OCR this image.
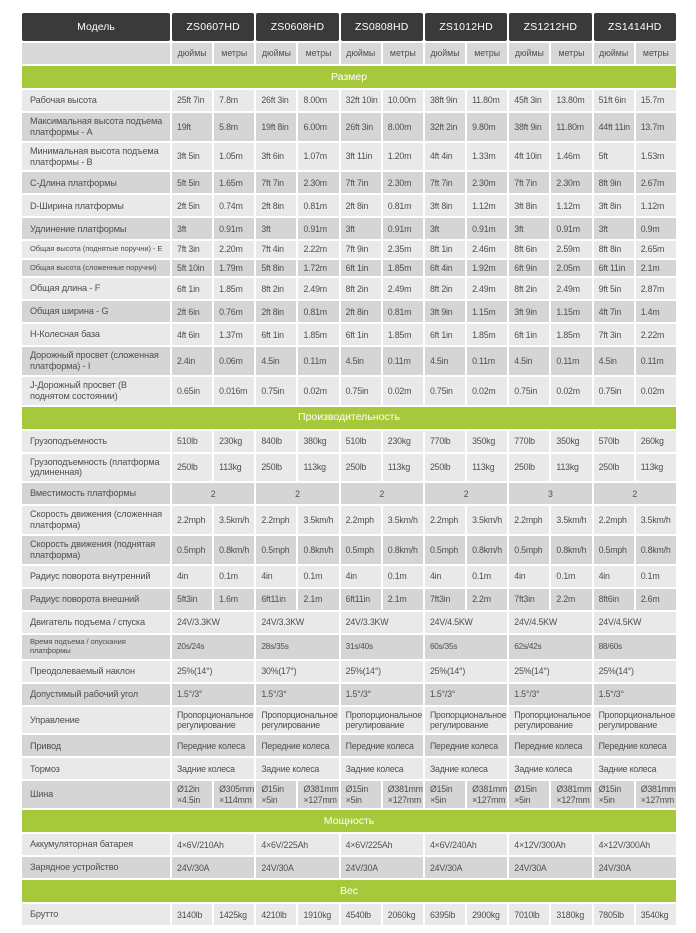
Модель	ZS0607HD		ZS0608HD		ZS0808HD		ZS1012HD		ZS1212HD		ZS1414HD	
	дюймы	метры	дюймы	метры	дюймы	метры	дюймы	метры	дюймы	метры	дюймы	метры
Размер												
Рабочая высота	25ft 7in	7.8m	26ft 3in	8.00m	32ft 10in	10.00m	38ft 9in	11.80m	45ft 3in	13.80m	51ft 6in	15.7m
Максимальная высота подъема платформы - A	19ft	5.8m	19ft 8in	6.00m	26ft 3in	8.00m	32ft 2in	9.80m	38ft 9in	11.80m	44ft 11in	13.7m
Минимальная высота подъема платформы - B	3ft 5in	1.05m	3ft 6in	1.07m	3ft 11in	1.20m	4ft 4in	1.33m	4ft 10in	1.46m	5ft	1.53m
C-Длина платформы	5ft 5in	1.65m	7ft 7in	2.30m	7ft 7in	2.30m	7ft 7in	2.30m	7ft 7in	2.30m	8ft 9in	2.67m
D-Ширина платформы	2ft 5in	0.74m	2ft 8in	0.81m	2ft 8in	0.81m	3ft 8in	1.12m	3ft 8in	1.12m	3ft 8in	1.12m
Удлинение платформы	3ft	0.91m	3ft	0.91m	3ft	0.91m	3ft	0.91m	3ft	0.91m	3ft	0.9m
Общая высота (поднятые поручни) - E	7ft 3in	2.20m	7ft 4in	2.22m	7ft 9in	2.35m	8ft 1in	2.46m	8ft 6in	2.59m	8ft 8in	2.65m
Общая высота (сложенные поручни)	5ft 10in	1.79m	5ft 8in	1.72m	6ft 1in	1.85m	6ft 4in	1.92m	6ft 9in	2.05m	6ft 11in	2.1m
Общая длина - F	6ft 1in	1.85m	8ft 2in	2.49m	8ft 2in	2.49m	8ft 2in	2.49m	8ft 2in	2.49m	9ft 5in	2.87m
Общая ширина - G	2ft 6in	0.76m	2ft 8in	0.81m	2ft 8in	0.81m	3ft 9in	1.15m	3ft 9in	1.15m	4ft 7in	1.4m
H-Колесная база	4ft 6in	1.37m	6ft 1in	1.85m	6ft 1in	1.85m	6ft 1in	1.85m	6ft 1in	1.85m	7ft 3in	2.22m
Дорожный просвет (сложенная платформа) - I	2.4in	0.06m	4.5in	0.11m	4.5in	0.11m	4.5in	0.11m	4.5in	0.11m	4.5in	0.11m
J-Дорожный просвет (В поднятом состоянии)	0.65in	0.016m	0.75in	0.02m	0.75in	0.02m	0.75in	0.02m	0.75in	0.02m	0.75in	0.02m
Производительность												
Грузоподъемность	510lb	230kg	840lb	380kg	510lb	230kg	770lb	350kg	770lb	350kg	570lb	260kg
Грузоподъемность (платформа удлиненная)	250lb	113kg	250lb	113kg	250lb	113kg	250lb	113kg	250lb	113kg	250lb	113kg
Вместимость платформы	2		2		2		2		3		2	
Скорость движения (сложенная платформа)	2.2mph	3.5km/h	2.2mph	3.5km/h	2.2mph	3.5km/h	2.2mph	3.5km/h	2.2mph	3.5km/h	2.2mph	3.5km/h
Скорость движения (поднятая платформа)	0.5mph	0.8km/h	0.5mph	0.8km/h	0.5mph	0.8km/h	0.5mph	0.8km/h	0.5mph	0.8km/h	0.5mph	0.8km/h
Радиус поворота внутренний	4in	0.1m	4in	0.1m	4in	0.1m	4in	0.1m	4in	0.1m	4in	0.1m
Радиус поворота внешний	5ft3in	1.6m	6ft11in	2.1m	6ft11in	2.1m	7ft3in	2.2m	7ft3in	2.2m	8ft6in	2.6m
Двигатель подъема / спуска	24V/3.3KW		24V/3.3KW		24V/3.3KW		24V/4.5KW		24V/4.5KW		24V/4.5KW	
Время подъема / опускания платформы	20s/24s		28s/35s		31s/40s		60s/35s		62s/42s		88/60s	
Преодолеваемый наклон	25%(14°)		30%(17°)		25%(14°)		25%(14°)		25%(14°)		25%(14°)	
Допустимый рабочий угол	1.5°/3°		1.5°/3°		1.5°/3°		1.5°/3°		1.5°/3°		1.5°/3°	
Управление	Пропорциональное регулирование		Пропорциональное регулирование		Пропорциональное регулирование		Пропорциональное регулирование		Пропорциональное регулирование		Пропорциональное регулирование	
Привод	Передние колеса		Передние колеса		Передние колеса		Передние колеса		Передние колеса		Передние колеса	
Тормоз	Задние колеса		Задние колеса		Задние колеса		Задние колеса		Задние колеса		Задние колеса	
Шина	Ø12in ×4.5in	Ø305mm ×114mm	Ø15in ×5in	Ø381mm ×127mm	Ø15in ×5in	Ø381mm ×127mm	Ø15in ×5in	Ø381mm ×127mm	Ø15in ×5in	Ø381mm ×127mm	Ø15in ×5in	Ø381mm ×127mm
Мощность												
Аккумуляторная батарея	4×6V/210Ah		4×6V/225Ah		4×6V/225Ah		4×6V/240Ah		4×12V/300Ah		4×12V/300Ah	
Зарядное устройство	24V/30A		24V/30A		24V/30A		24V/30A		24V/30A		24V/30A	
Вес												
Брутто	3140lb	1425kg	4210lb	1910kg	4540lb	2060kg	6395lb	2900kg	7010lb	3180kg	7805lb	3540kg
